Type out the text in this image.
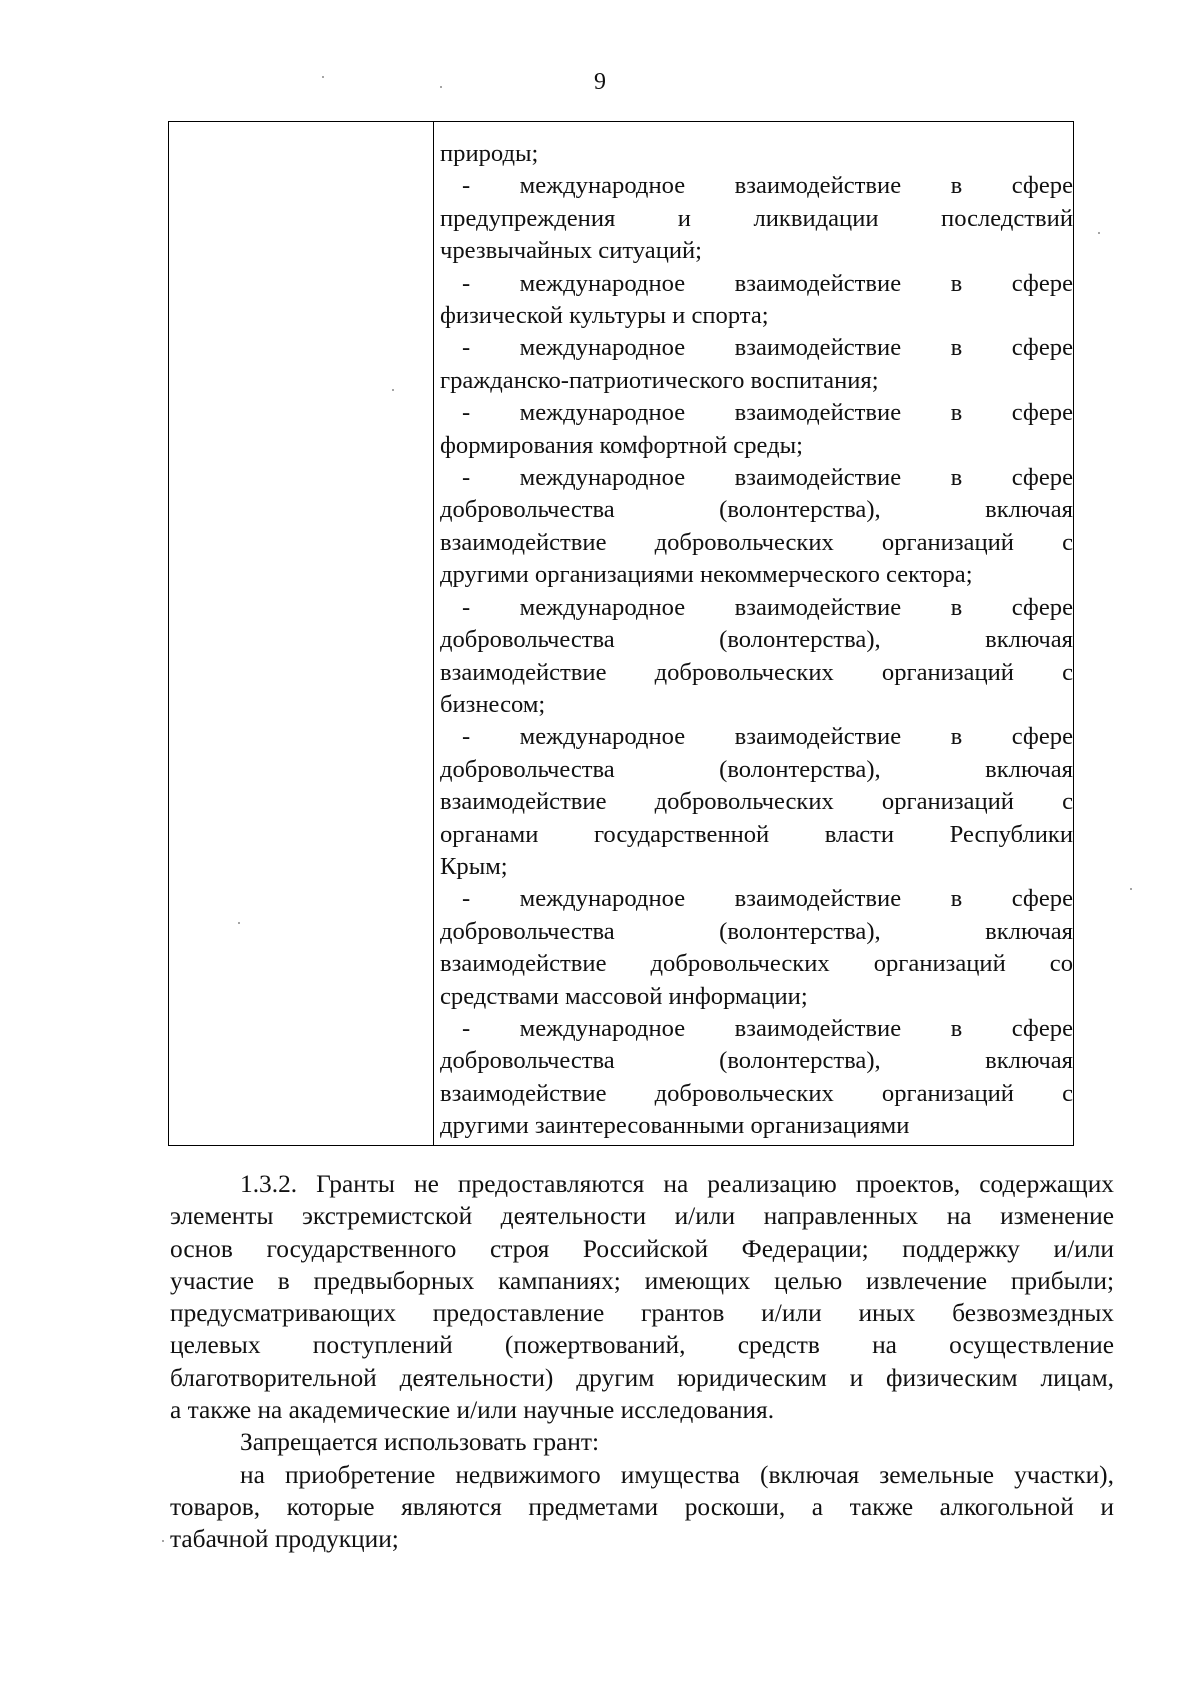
9
природы;
- международное взаимодействие в сфере
предупреждения и ликвидации последствий
чрезвычайных ситуаций;
- международное взаимодействие в сфере
физической культуры и спорта;
- международное взаимодействие в сфере
гражданско-патриотического воспитания;
- международное взаимодействие в сфере
формирования комфортной среды;
- международное взаимодействие в сфере
добровольчества (волонтерства), включая
взаимодействие добровольческих организаций с
другими организациями некоммерческого сектора;
- международное взаимодействие в сфере
добровольчества (волонтерства), включая
взаимодействие добровольческих организаций с
бизнесом;
- международное взаимодействие в сфере
добровольчества (волонтерства), включая
взаимодействие добровольческих организаций с
органами государственной власти Республики
Крым;
- международное взаимодействие в сфере
добровольчества (волонтерства), включая
взаимодействие добровольческих организаций со
средствами массовой информации;
- международное взаимодействие в сфере
добровольчества (волонтерства), включая
взаимодействие добровольческих организаций с
другими заинтересованными организациями
1.3.2. Гранты не предоставляются на реализацию проектов, содержащих
элементы экстремистской деятельности и/или направленных на изменение
основ государственного строя Российской Федерации; поддержку и/или
участие в предвыборных кампаниях; имеющих целью извлечение прибыли;
предусматривающих предоставление грантов и/или иных безвозмездных
целевых поступлений (пожертвований, средств на осуществление
благотворительной деятельности) другим юридическим и физическим лицам,
а также на академические и/или научные исследования.
Запрещается использовать грант:
на приобретение недвижимого имущества (включая земельные участки),
товаров, которые являются предметами роскоши, а также алкогольной и
табачной продукции;
